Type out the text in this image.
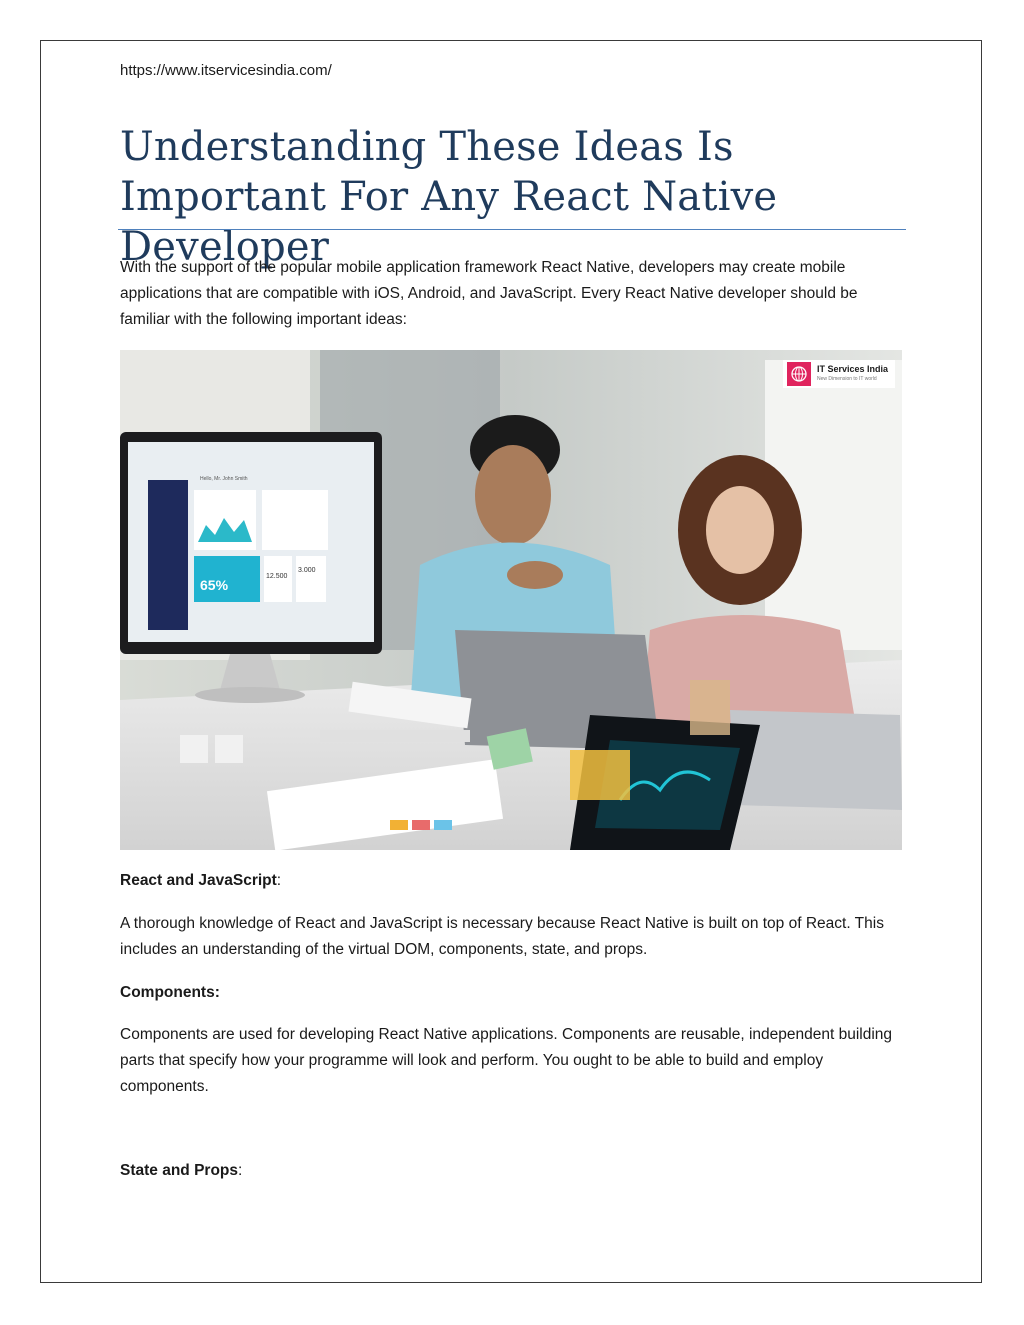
https://www.itservicesindia.com/
Understanding These Ideas Is Important For Any React Native Developer

With the support of the popular mobile application framework React Native, developers may create mobile applications that are compatible with iOS, Android, and JavaScript. Every React Native developer should be familiar with the following important ideas:

65%
12.500
3.000
Hello, Mr. John Smith
IT Services India
New Dimension to IT world

React and JavaScript:

A thorough knowledge of React and JavaScript is necessary because React Native is built on top of React. This includes an understanding of the virtual DOM, components, state, and props.

Components:

Components are used for developing React Native applications. Components are reusable, independent building parts that specify how your programme will look and perform. You ought to be able to build and employ components.

State and Props:
